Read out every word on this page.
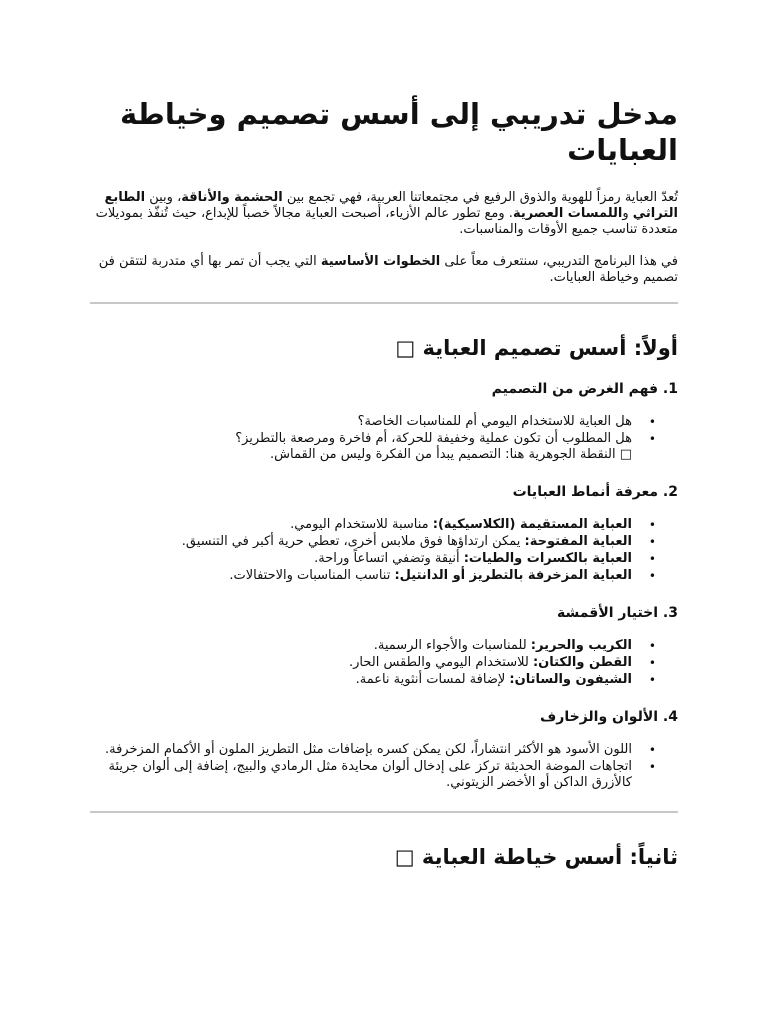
مدخل تدريبي إلى أسس تصميم وخياطة العبايات

تُعدّ العباية رمزاً للهوية والذوق الرفيع في مجتمعاتنا العربية، فهي تجمع بين الحشمة والأناقة، وبين الطابع التراثي واللمسات العصرية. ومع تطور عالم الأزياء، أصبحت العباية مجالاً خصباً للإبداع، حيث تُنفّذ بموديلات متعددة تناسب جميع الأوقات والمناسبات.

في هذا البرنامج التدريبي، سنتعرف معاً على الخطوات الأساسية التي يجب أن تمر بها أي متدربة لتتقن فن تصميم وخياطة العبايات.

أولاً: أسس تصميم العباية □
1. فهم الغرض من التصميم
• هل العباية للاستخدام اليومي أم للمناسبات الخاصة؟
• هل المطلوب أن تكون عملية وخفيفة للحركة، أم فاخرة ومرصعة بالتطريز؟
□ النقطة الجوهرية هنا: التصميم يبدأ من الفكرة وليس من القماش.
2. معرفة أنماط العبايات
• العباية المستقيمة (الكلاسيكية): مناسبة للاستخدام اليومي.
• العباية المفتوحة: يمكن ارتداؤها فوق ملابس أخرى، تعطي حرية أكبر في التنسيق.
• العباية بالكسرات والطيات: أنيقة وتضفي اتساعاً وراحة.
• العباية المزخرفة بالتطريز أو الدانتيل: تناسب المناسبات والاحتفالات.
3. اختيار الأقمشة
• الكريب والحرير: للمناسبات والأجواء الرسمية.
• القطن والكتان: للاستخدام اليومي والطقس الحار.
• الشيفون والساتان: لإضافة لمسات أنثوية ناعمة.
4. الألوان والزخارف
• اللون الأسود هو الأكثر انتشاراً، لكن يمكن كسره بإضافات مثل التطريز الملون أو الأكمام المزخرفة.
• اتجاهات الموضة الحديثة تركز على إدخال ألوان محايدة مثل الرمادي والبيج، إضافة إلى ألوان جريئة كالأزرق الداكن أو الأخضر الزيتوني.
ثانياً: أسس خياطة العباية □
